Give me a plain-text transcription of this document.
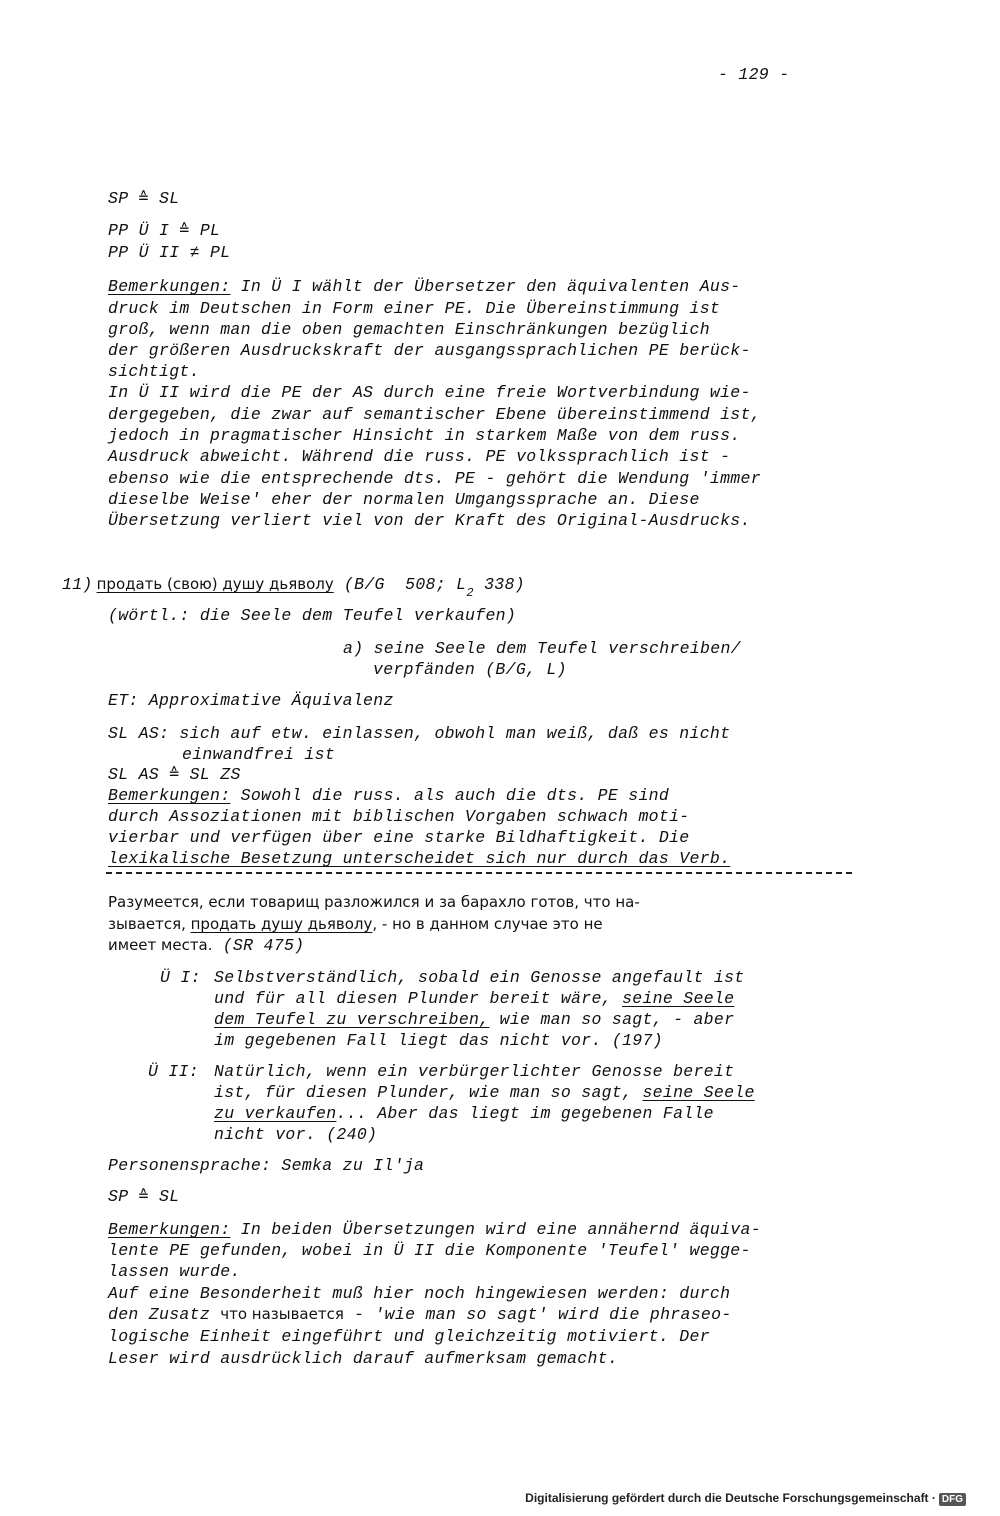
- 129 -
SP ≙ SL
PP Ü I ≙ PL
PP Ü II ≠ PL
Bemerkungen: In Ü I wählt der Übersetzer den äquivalenten Aus-
druck im Deutschen in Form einer PE. Die Übereinstimmung ist
groß, wenn man die oben gemachten Einschränkungen bezüglich
der größeren Ausdruckskraft der ausgangssprachlichen PE berück-
sichtigt.
In Ü II wird die PE der AS durch eine freie Wortverbindung wie-
dergegeben, die zwar auf semantischer Ebene übereinstimmend ist,
jedoch in pragmatischer Hinsicht in starkem Maße von dem russ.
Ausdruck abweicht. Während die russ. PE volkssprachlich ist -
ebenso wie die entsprechende dts. PE - gehört die Wendung 'immer
dieselbe Weise' eher der normalen Umgangssprache an. Diese
Übersetzung verliert viel von der Kraft des Original-Ausdrucks.
11) продать (свою) душу дьяволу (B/G  508; $L_2$ 338)
(wörtl.: die Seele dem Teufel verkaufen)
a) seine Seele dem Teufel verschreiben/
verpfänden (B/G, L)
ET: Approximative Äquivalenz
SL AS: sich auf etw. einlassen, obwohl man weiß, daß es nicht
einwandfrei ist
SL AS ≙ SL ZS
Bemerkungen: Sowohl die russ. als auch die dts. PE sind
durch Assoziationen mit biblischen Vorgaben schwach moti-
vierbar und verfügen über eine starke Bildhaftigkeit. Die
lexikalische Besetzung unterscheidet sich nur durch das Verb.
Разумеется, если товарищ разложился и за барахло готов, что на-
зывается, продать душу дьяволу, - но в данном случае это не
имеет места. (SR 475)
Ü I: Selbstverständlich, sobald ein Genosse angefault ist
und für all diesen Plunder bereit wäre, seine Seele
dem Teufel zu verschreiben, wie man so sagt, - aber
im gegebenen Fall liegt das nicht vor. (197)
Ü II: Natürlich, wenn ein verbürgerlichter Genosse bereit
ist, für diesen Plunder, wie man so sagt, seine Seele
zu verkaufen... Aber das liegt im gegebenen Falle
nicht vor. (240)
Personensprache: Semka zu Il'ja
SP ≙ SL
Bemerkungen: In beiden Übersetzungen wird eine annähernd äquiva-
lente PE gefunden, wobei in Ü II die Komponente 'Teufel' wegge-
lassen wurde.
Auf eine Besonderheit muß hier noch hingewiesen werden: durch
den Zusatz что называется - 'wie man so sagt' wird die phraseo-
logische Einheit eingeführt und gleichzeitig motiviert. Der
Leser wird ausdrücklich darauf aufmerksam gemacht.
Digitalisierung gefördert durch die Deutsche Forschungsgemeinschaft · DFG
